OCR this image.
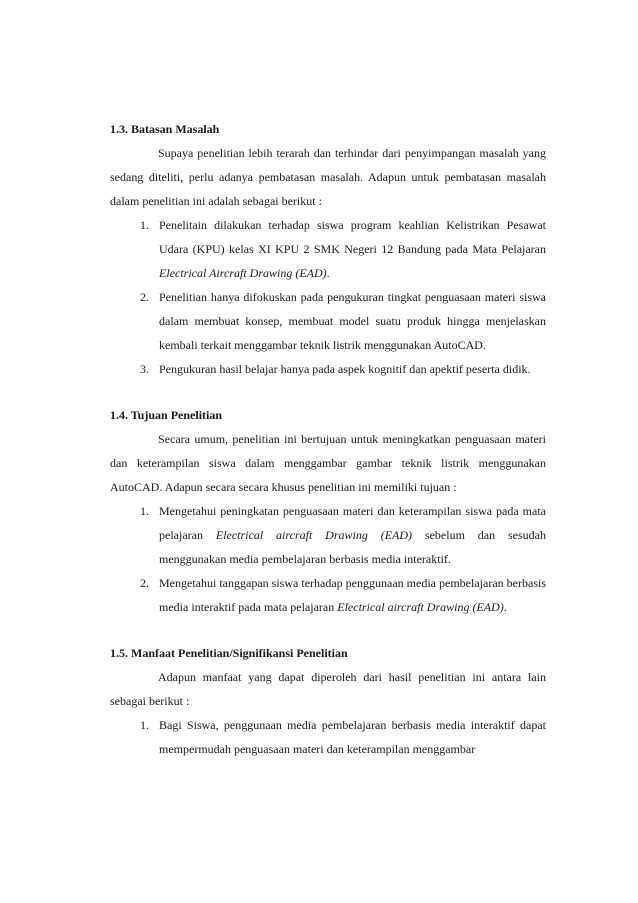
1.3. Batasan Masalah

Supaya penelitian lebih terarah dan terhindar dari penyimpangan masalah yang sedang diteliti, perlu adanya pembatasan masalah. Adapun untuk pembatasan masalah dalam penelitian ini adalah sebagai berikut :

1. Penelitain dilakukan terhadap siswa program keahlian Kelistrikan Pesawat Udara (KPU) kelas XI KPU 2 SMK Negeri 12 Bandung pada Mata Pelajaran Electrical Aircraft Drawing (EAD).
2. Penelitian hanya difokuskan pada pengukuran tingkat penguasaan materi siswa dalam membuat konsep, membuat model suatu produk hingga menjelaskan kembali terkait menggambar teknik listrik menggunakan AutoCAD.
3. Pengukuran hasil belajar hanya pada aspek kognitif dan apektif peserta didik.
1.4. Tujuan Penelitian

Secara umum, penelitian ini bertujuan untuk meningkatkan penguasaan materi dan keterampilan siswa dalam menggambar gambar teknik listrik menggunakan AutoCAD. Adapun secara secara khusus penelitian ini memiliki tujuan :

1. Mengetahui peningkatan penguasaan materi dan keterampilan siswa pada mata pelajaran Electrical aircraft Drawing (EAD) sebelum dan sesudah menggunakan media pembelajaran berbasis media interaktif.
2. Mengetahui tanggapan siswa terhadap penggunaan media pembelajaran berbasis media interaktif pada mata pelajaran Electrical aircraft Drawing (EAD).
1.5. Manfaat Penelitian/Signifikansi Penelitian

Adapun manfaat yang dapat diperoleh dari hasil penelitian ini antara lain sebagai berikut :

1. Bagi Siswa, penggunaan media pembelajaran berbasis media interaktif dapat mempermudah penguasaan materi dan keterampilan menggambar
